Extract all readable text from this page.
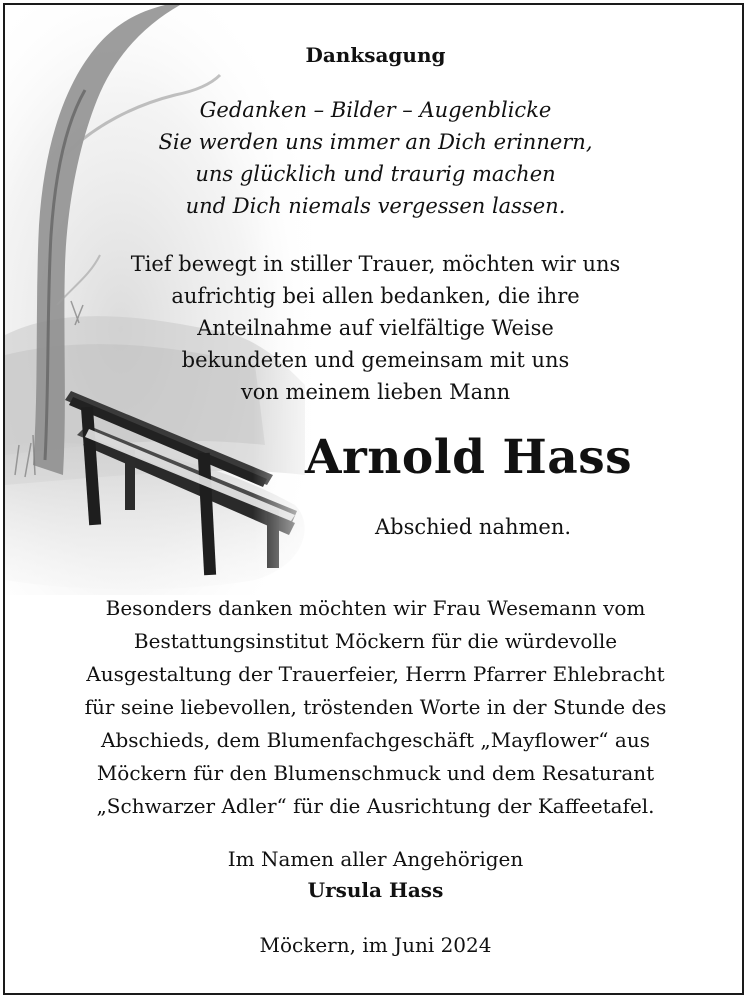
Danksagung

Gedanken – Bilder – Augenblicke

Sie werden uns immer an Dich erinnern,

uns glücklich und traurig machen

und Dich niemals vergessen lassen.

Tief bewegt in stiller Trauer, möchten wir uns

aufrichtig bei allen bedanken, die ihre

Anteilnahme auf vielfältige Weise

bekundeten und gemeinsam mit uns

von meinem lieben Mann

Arnold Hass

Abschied nahmen.

Besonders danken möchten wir Frau Wesemann vom

Bestattungsinstitut Möckern für die würdevolle

Ausgestaltung der Trauerfeier, Herrn Pfarrer Ehlebracht

für seine liebevollen, tröstenden Worte in der Stunde des

Abschieds, dem Blumenfachgeschäft „Mayflower“ aus

Möckern für den Blumenschmuck und dem Resaturant

„Schwarzer Adler“ für die Ausrichtung der Kaffeetafel.

Im Namen aller Angehörigen

Ursula Hass

Möckern, im Juni 2024
